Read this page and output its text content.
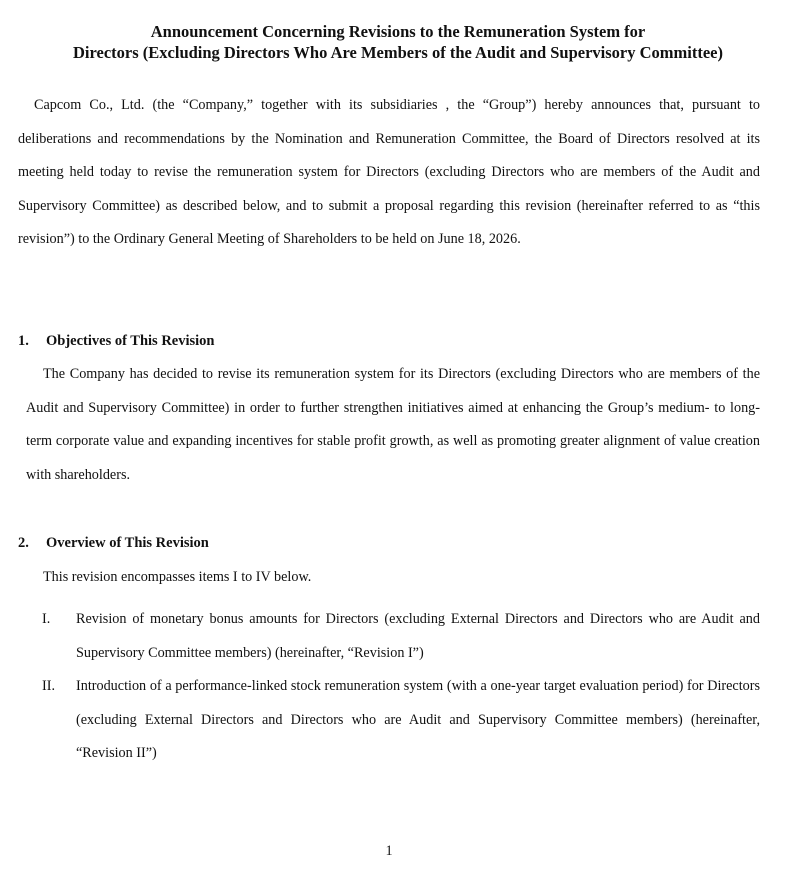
Announcement Concerning Revisions to the Remuneration System for
Directors (Excluding Directors Who Are Members of the Audit and Supervisory Committee)

Capcom Co., Ltd. (the “Company,” together with its subsidiaries , the “Group”) hereby announces that, pursuant to deliberations and recommendations by the Nomination and Remuneration Committee, the Board of Directors resolved at its meeting held today to revise the remuneration system for Directors (excluding Directors who are members of the Audit and Supervisory Committee) as described below, and to submit a proposal regarding this revision (hereinafter referred to as “this revision”) to the Ordinary General Meeting of Shareholders to be held on June 18, 2026.

1. Objectives of This Revision

The Company has decided to revise its remuneration system for its Directors (excluding Directors who are members of the Audit and Supervisory Committee) in order to further strengthen initiatives aimed at enhancing the Group’s medium- to long-term corporate value and expanding incentives for stable profit growth, as well as promoting greater alignment of value creation with shareholders.

2. Overview of This Revision
This revision encompasses items I to IV below.
I. Revision of monetary bonus amounts for Directors (excluding External Directors and Directors who are Audit and Supervisory Committee members) (hereinafter, “Revision I”)

II. Introduction of a performance-linked stock remuneration system (with a one-year target evaluation period) for Directors (excluding External Directors and Directors who are Audit and Supervisory Committee members) (hereinafter, “Revision II”)

1
